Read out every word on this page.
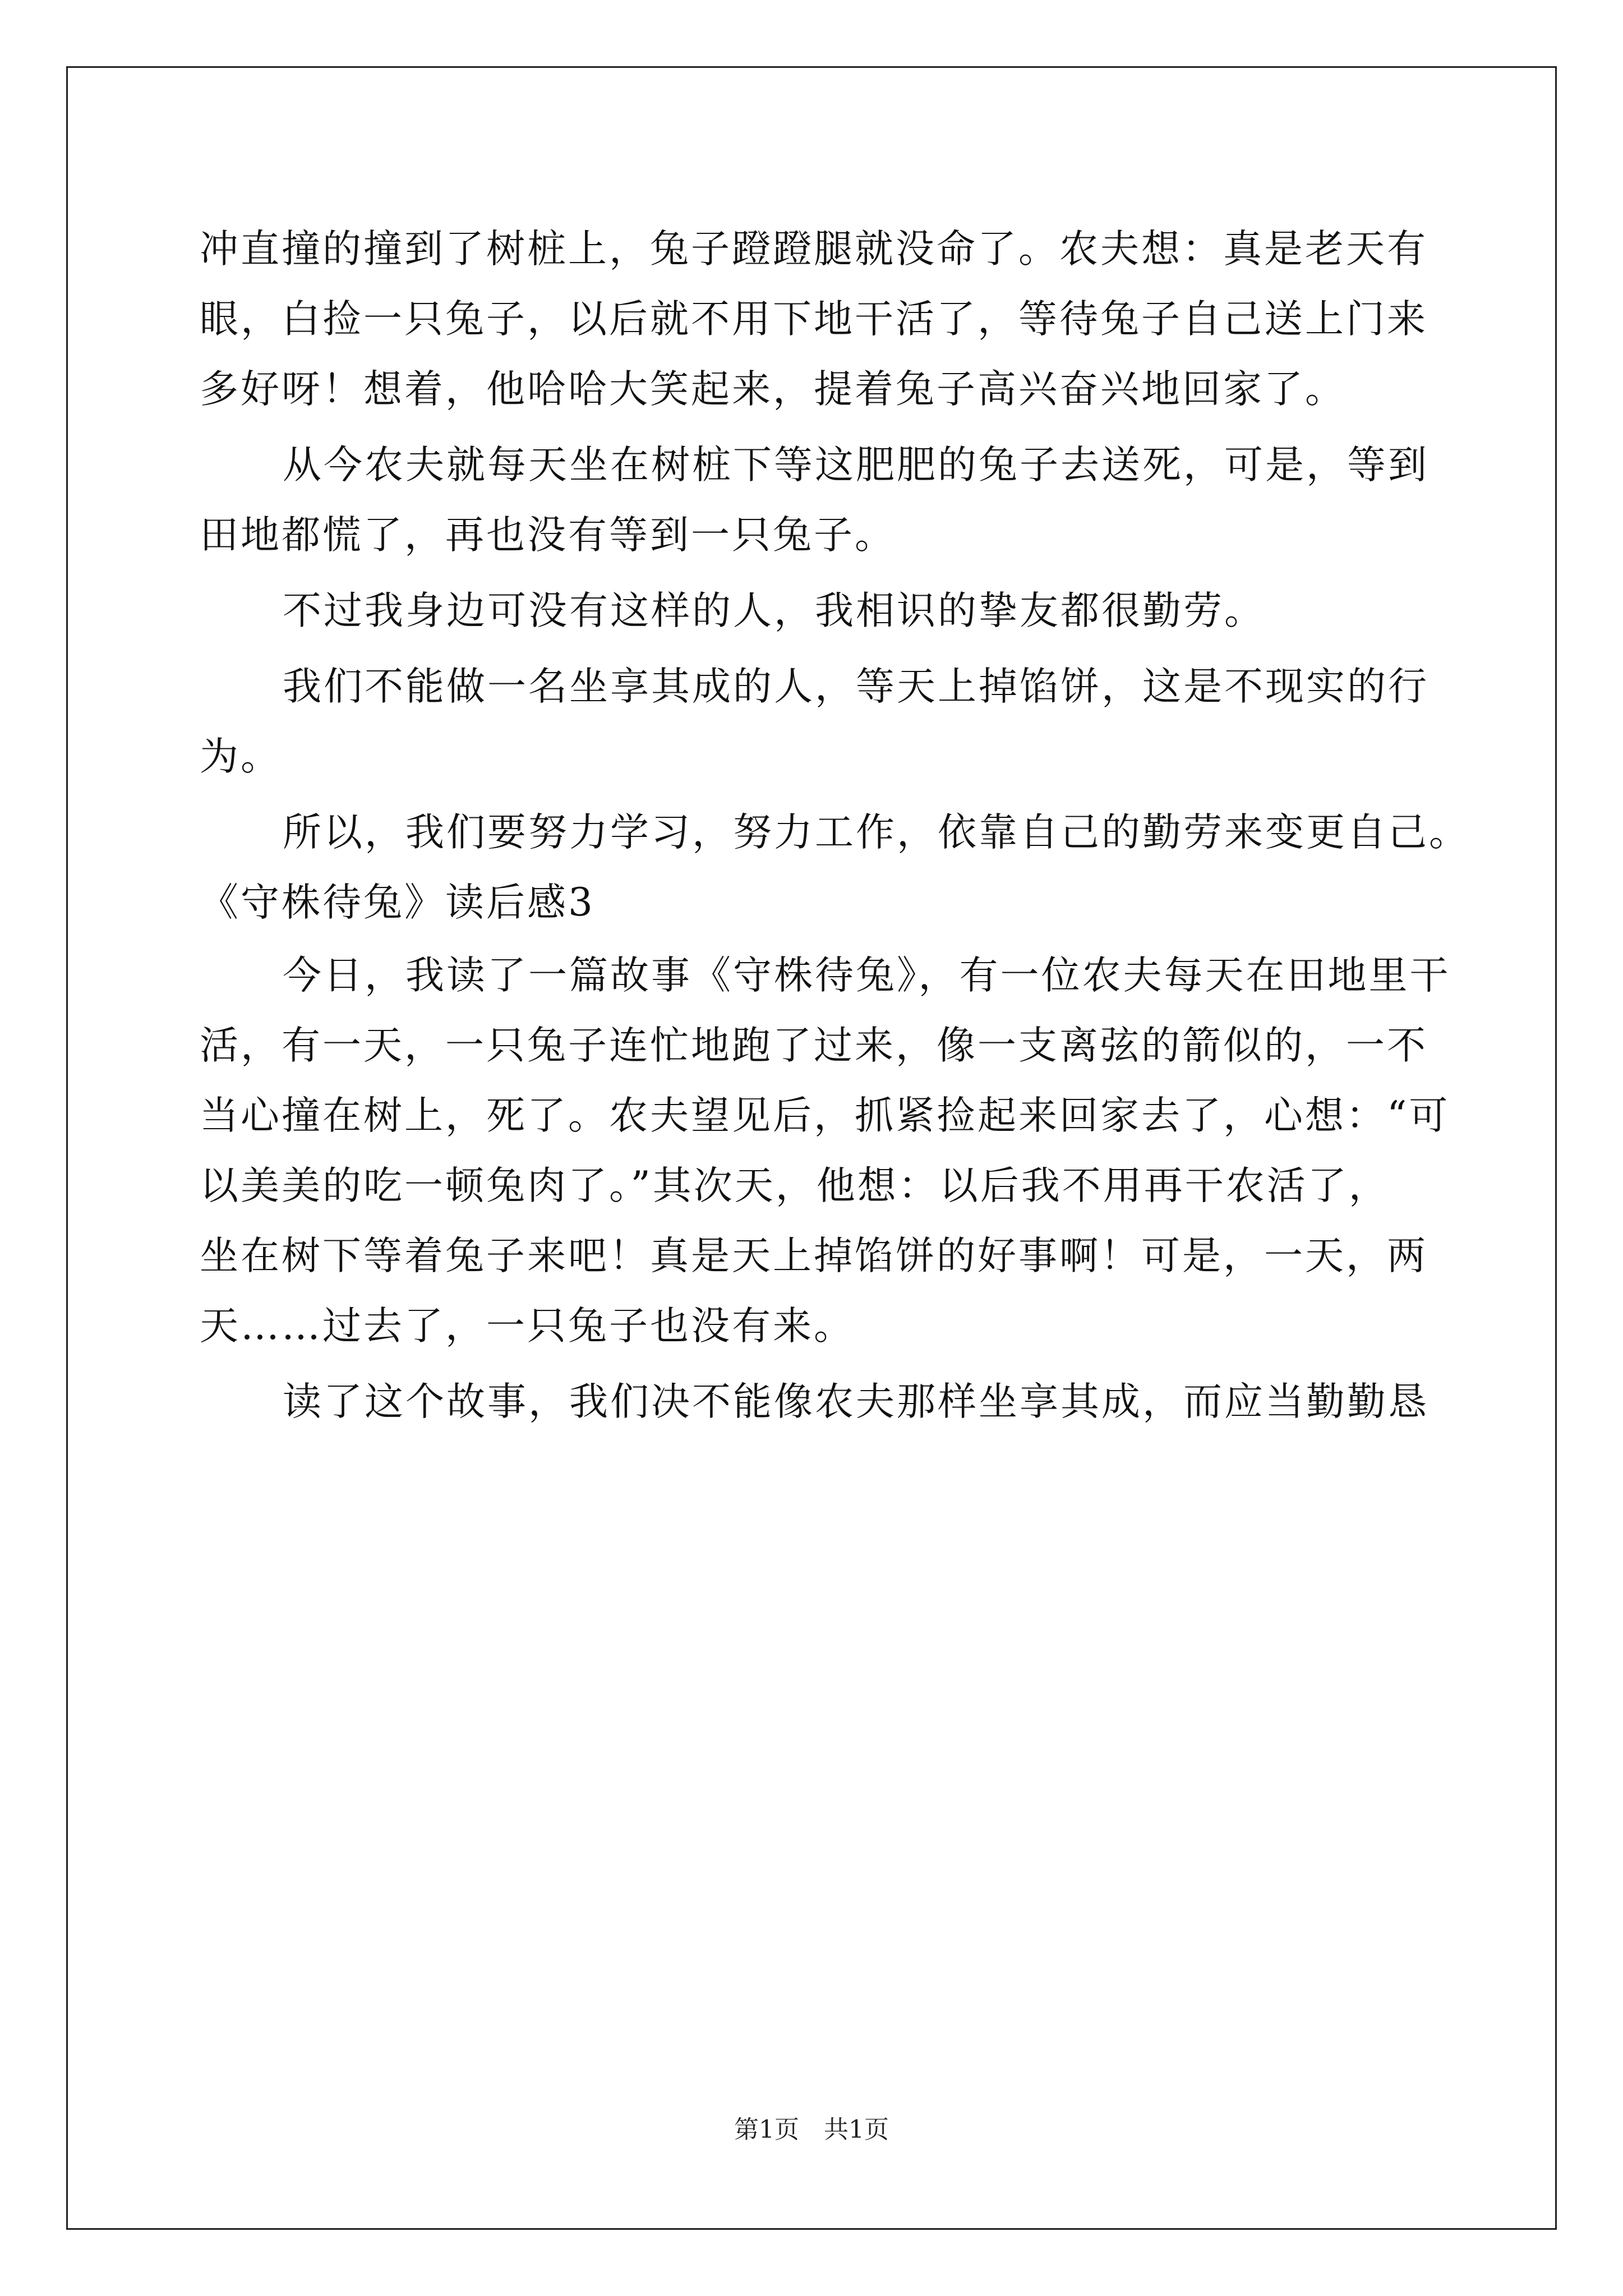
冲直撞的撞到了树桩上，兔子蹬蹬腿就没命了。农夫想：真是老天有
眼，白捡一只兔子，以后就不用下地干活了，等待兔子自己送上门来
多好呀！想着，他哈哈大笑起来，提着兔子高兴奋兴地回家了。
从今农夫就每天坐在树桩下等这肥肥的兔子去送死，可是，等到
田地都慌了，再也没有等到一只兔子。
不过我身边可没有这样的人，我相识的挚友都很勤劳。
我们不能做一名坐享其成的人，等天上掉馅饼，这是不现实的行
为。
所以，我们要努力学习，努力工作，依靠自己的勤劳来变更自己。
《守株待兔》读后感3
今日，我读了一篇故事《守株待兔》，有一位农夫每天在田地里干
活，有一天，一只兔子连忙地跑了过来，像一支离弦的箭似的，一不
当心撞在树上，死了。农夫望见后，抓紧捡起来回家去了，心想：“可
以美美的吃一顿兔肉了。”其次天，他想：以后我不用再干农活了，
坐在树下等着兔子来吧！真是天上掉馅饼的好事啊！可是，一天，两
天……过去了，一只兔子也没有来。
读了这个故事，我们决不能像农夫那样坐享其成，而应当勤勤恳
第1页　共1页
